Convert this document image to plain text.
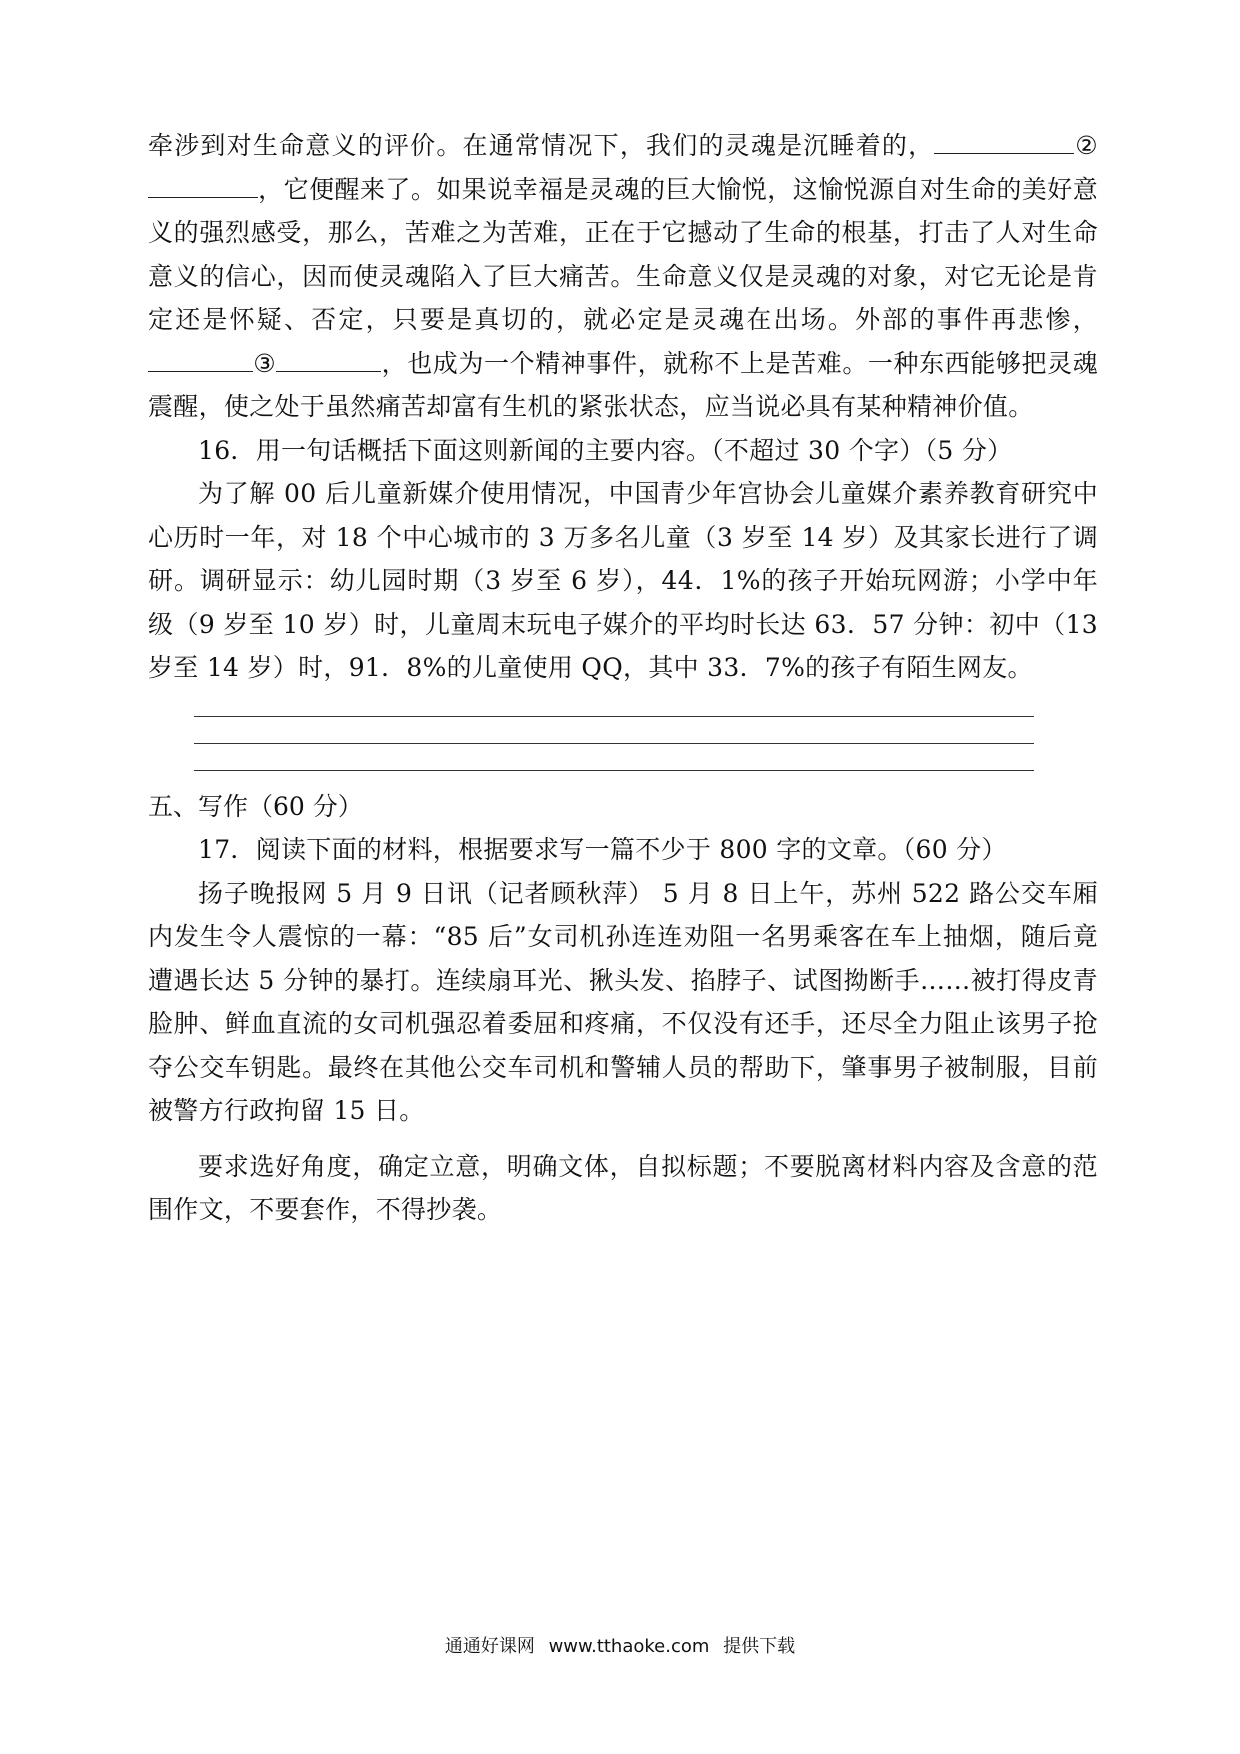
牵涉到对生命意义的评价。在通常情况下，我们的灵魂是沉睡着的，	②，它便醒来了。如果说幸福是灵魂的巨大愉悦，这愉悦源自对生命的美好意义的强烈感受，那么，苦难之为苦难，正在于它撼动了生命的根基，打击了人对生命意义的信心，因而使灵魂陷入了巨大痛苦。生命意义仅是灵魂的对象，对它无论是肯定还是怀疑、否定，只要是真切的，就必定是灵魂在出场。外部的事件再悲惨，③	，也成为一个精神事件，就称不上是苦难。一种东西能够把灵魂震醒，使之处于虽然痛苦却富有生机的紧张状态，应当说必具有某种精神价值。

16．用一句话概括下面这则新闻的主要内容。（不超过 30 个字）（5 分）

为了解 00 后儿童新媒介使用情况，中国青少年宫协会儿童媒介素养教育研究中心历时一年，对 18 个中心城市的 3 万多名儿童（3 岁至 14 岁）及其家长进行了调研。调研显示：幼儿园时期（3 岁至 6 岁），44．1%的孩子开始玩网游；小学中年级（9 岁至 10 岁）时，儿童周末玩电子媒介的平均时长达 63．57 分钟：初中（13 岁至 14 岁）时，91．8%的儿童使用 QQ，其中 33．7%的孩子有陌生网友。

五、写作（60 分）

17．阅读下面的材料，根据要求写一篇不少于 800 字的文章。（60 分）

扬子晚报网 5 月 9 日讯（记者顾秋萍） 5 月 8 日上午，苏州 522 路公交车厢内发生令人震惊的一幕：“85 后”女司机孙连连劝阻一名男乘客在车上抽烟，随后竟遭遇长达 5 分钟的暴打。连续扇耳光、揪头发、掐脖子、试图拗断手……被打得皮青脸肿、鲜血直流的女司机强忍着委屈和疼痛，不仅没有还手，还尽全力阻止该男子抢夺公交车钥匙。最终在其他公交车司机和警辅人员的帮助下，肇事男子被制服，目前被警方行政拘留 15 日。

要求选好角度，确定立意，明确文体，自拟标题；不要脱离材料内容及含意的范围作文，不要套作，不得抄袭。

通通好课网 www.tthaoke.com 提供下载
